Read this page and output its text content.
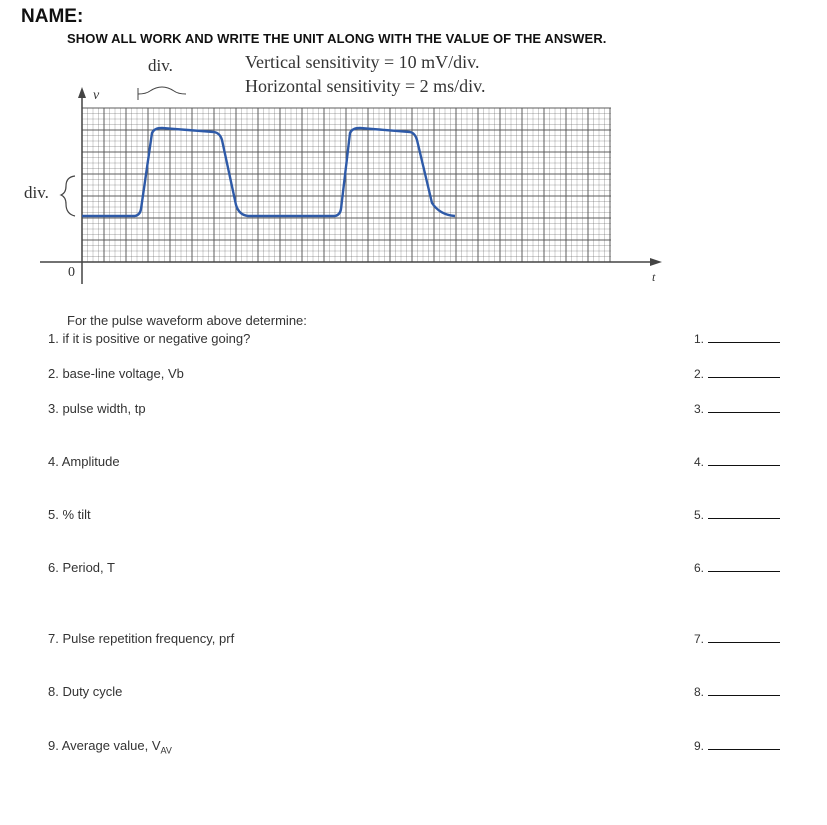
NAME:
SHOW ALL WORK AND WRITE THE UNIT ALONG WITH THE VALUE OF THE ANSWER.
div.	Vertical sensitivity = 10 mV/div.
Horizontal sensitivity = 2 ms/div.
div.
v
t
0
For the pulse waveform above determine:
1. if it is positive or negative going?
2. base-line voltage, Vb
3. pulse width, tp
4. Amplitude
5. % tilt
6. Period, T
7. Pulse repetition frequency, prf
8. Duty cycle
9. Average value, $V_{AV}$
1.
2.
3.
4.
5.
6.
7.
8.
9.
